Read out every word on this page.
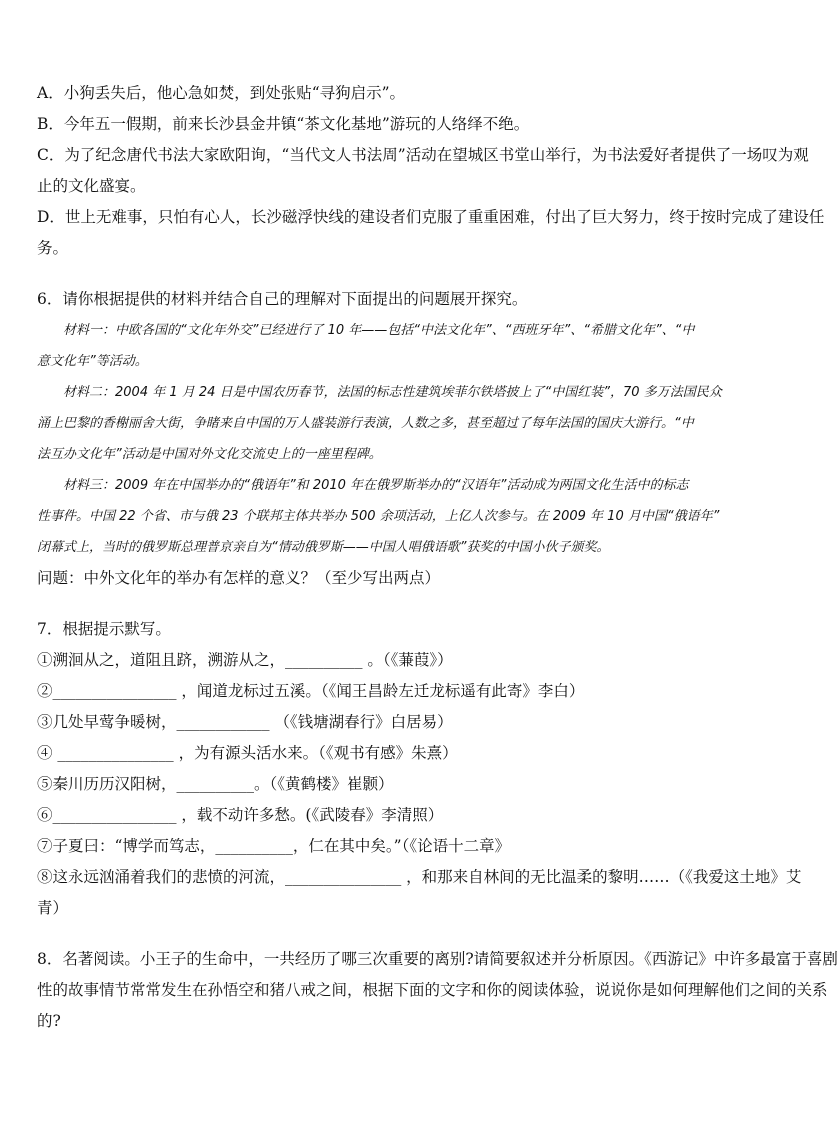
A．小狗丢失后，他心急如焚，到处张贴“寻狗启示”。
B．今年五一假期，前来长沙县金井镇“茶文化基地”游玩的人络绎不绝。
C．为了纪念唐代书法大家欧阳询，“当代文人书法周”活动在望城区书堂山举行，为书法爱好者提供了一场叹为观
止的文化盛宴。
D．世上无难事，只怕有心人，长沙磁浮快线的建设者们克服了重重困难，付出了巨大努力，终于按时完成了建设任
务。
6．请你根据提供的材料并结合自己的理解对下面提出的问题展开探究。
材料一：中欧各国的“文化年外交”已经进行了 10 年——包括“中法文化年”、“西班牙年”、“希腊文化年”、“中
意文化年”等活动。
材料二：2004 年 1 月 24 日是中国农历春节，法国的标志性建筑埃菲尔铁塔披上了“中国红装”，70 多万法国民众
涌上巴黎的香榭丽舍大街，争睹来自中国的万人盛装游行表演，人数之多，甚至超过了每年法国的国庆大游行。“中
法互办文化年”活动是中国对外文化交流史上的一座里程碑。
材料三：2009 年在中国举办的“俄语年”和 2010 年在俄罗斯举办的“汉语年”活动成为两国文化生活中的标志
性事件。中国 22 个省、市与俄 23 个联邦主体共举办 500 余项活动，上亿人次参与。在 2009 年 10 月中国“俄语年”
闭幕式上，当时的俄罗斯总理普京亲自为“情动俄罗斯——中国人唱俄语歌”获奖的中国小伙子颁奖。
问题：中外文化年的举办有怎样的意义？（至少写出两点）
7．根据提示默写。
①溯洄从之，道阻且跻，溯游从之，__________ 。（《蒹葭》）
②________________ ，闻道龙标过五溪。（《闻王昌龄左迁龙标遥有此寄》李白）
③几处早莺争暖树，____________ （《钱塘湖春行》白居易）
④ _______________ ，为有源头活水来。（《观书有感》朱熹）
⑤秦川历历汉阳树，__________。（《黄鹤楼》崔颢）
⑥________________ ，载不动许多愁。(《武陵春》李清照）
⑦子夏曰：“博学而笃志，__________，仁在其中矣。”（《论语十二章》
⑧这永远汹涌着我们的悲愤的河流，_______________ ，和那来自林间的无比温柔的黎明……（《我爱这土地》艾
青）
8．名著阅读。小王子的生命中，一共经历了哪三次重要的离别?请简要叙述并分析原因。《西游记》中许多最富于喜剧
性的故事情节常常发生在孙悟空和猪八戒之间，根据下面的文字和你的阅读体验，说说你是如何理解他们之间的关系
的?
